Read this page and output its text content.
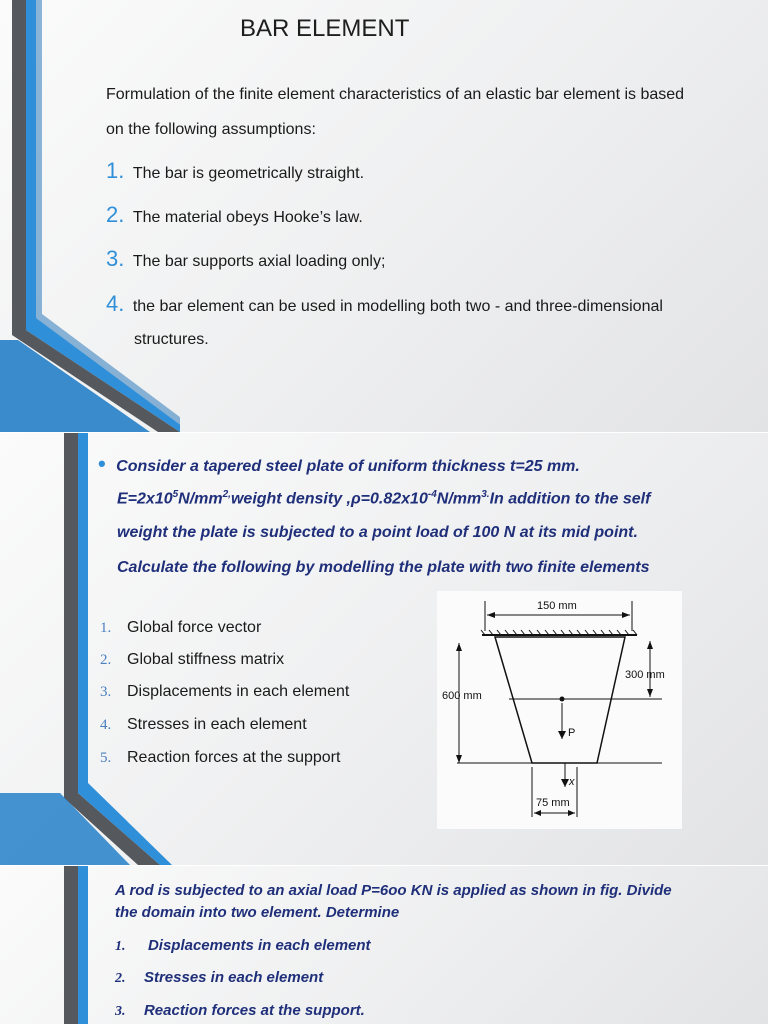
BAR ELEMENT
Formulation of the finite element characteristics of an elastic bar element is based
on the following assumptions:
1. The bar is geometrically straight.
2. The material obeys Hooke’s law.
3. The bar supports axial loading only;
4. the bar element can be used in modelling both two - and three-dimensional
structures.
• Consider a tapered steel plate of uniform thickness t=25 mm.
$E=2x10^5N/mm^{2,}weight$ density $,\rho=0.82x10^{-4}N/mm^{3.}In$ addition to the self
weight the plate is subjected to a point load of 100 N at its mid point.
Calculate the following by modelling the plate with two finite elements
1. Global force vector
2. Global stiffness matrix
3. Displacements in each element
4. Stresses in each element
5. Reaction forces at the support
150 mm
P
300 mm
600 mm
x
75 mm
A rod is subjected to an axial load P=6oo KN is applied as shown in fig. Divide
the domain into two element. Determine
1. Displacements in each element
2. Stresses in each element
3. Reaction forces at the support.
